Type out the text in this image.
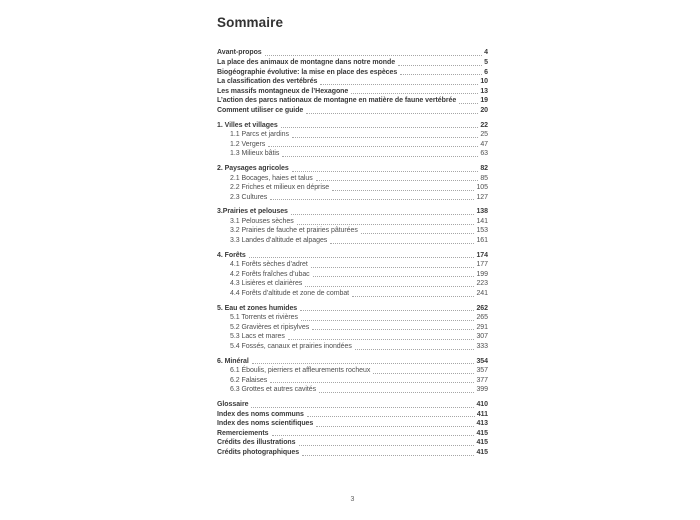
Sommaire
Avant-propos	4
La place des animaux de montagne dans notre monde	5
Biogéographie évolutive: la mise en place des espèces	6
La classification des vertébrés	10
Les massifs montagneux de l’Hexagone	13
L’action des parcs nationaux de montagne en matière de faune vertébrée	19
Comment utiliser ce guide	20
1. Villes et villages	22
1.1 Parcs et jardins	25
1.2 Vergers	47
1.3 Milieux bâtis	63
2. Paysages agricoles	82
2.1 Bocages, haies et talus	85
2.2 Friches et milieux en déprise	105
2.3 Cultures	127
3.Prairies et pelouses	138
3.1 Pelouses sèches	141
3.2 Prairies de fauche et prairies pâturées	153
3.3 Landes d’altitude et alpages	161
4. Forêts	174
4.1 Forêts sèches d’adret	177
4.2 Forêts fraîches d’ubac	199
4.3 Lisières et clairières	223
4.4 Forêts d’altitude et zone de combat	241
5. Eau et zones humides	262
5.1 Torrents et rivières	265
5.2 Gravières et ripisylves	291
5.3 Lacs et mares	307
5.4 Fossés, canaux et prairies inondées	333
6. Minéral	354
6.1 Éboulis, pierriers et affleurements rocheux	357
6.2 Falaises	377
6.3 Grottes et autres cavités	399
Glossaire	410
Index des noms communs	411
Index des noms scientifiques	413
Remerciements	415
Crédits des illustrations	415
Crédits photographiques	415
3
